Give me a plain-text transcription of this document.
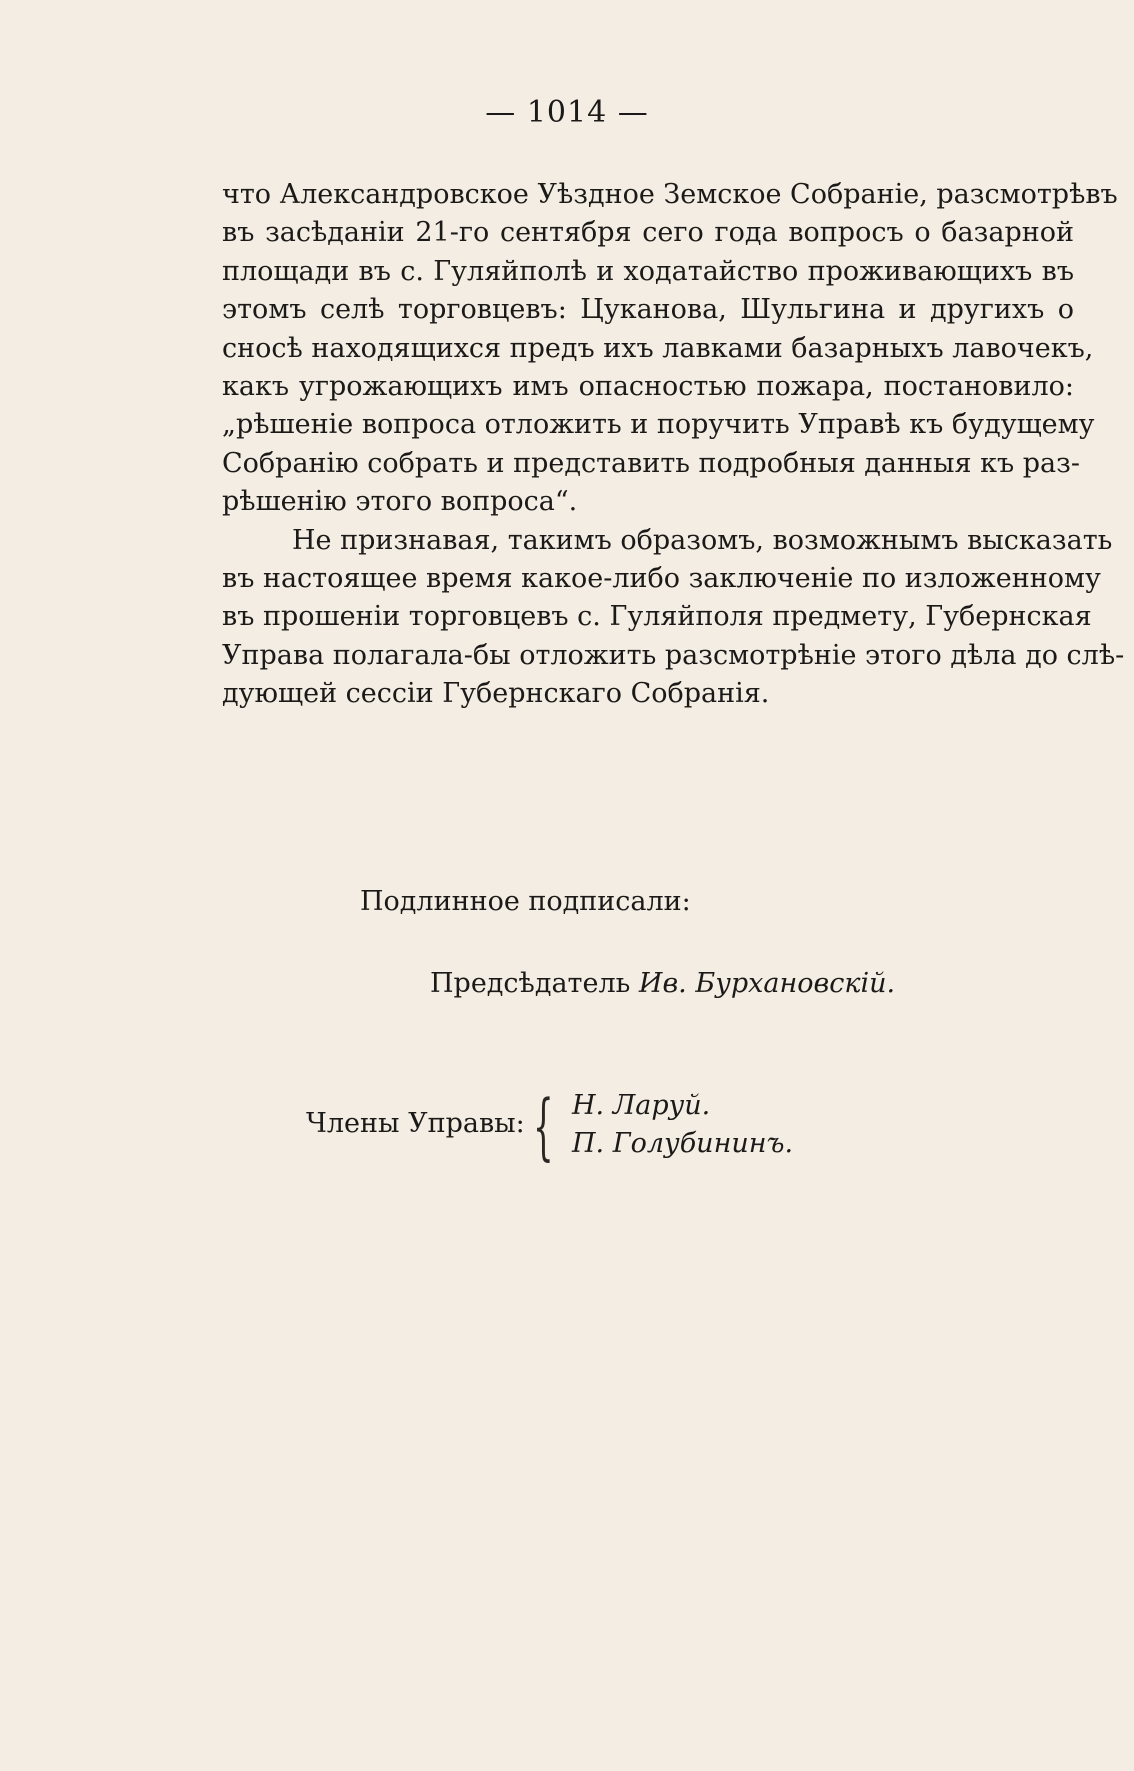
— 1014 —
что Александровское Уѣздное Земское Собраніе, разсмотрѣвъ
въ засѣданіи 21-го сентября сего года вопросъ о базарной
площади въ с. Гуляйполѣ и ходатайство проживающихъ въ
этомъ селѣ торговцевъ: Цуканова, Шульгина и другихъ о
сносѣ находящихся предъ ихъ лавками базарныхъ лавочекъ,
какъ угрожающихъ имъ опасностью пожара, постановило:
„рѣшеніе вопроса отложить и поручить Управѣ къ будущему
Собранію собрать и представить подробныя данныя къ раз-
рѣшенію этого вопроса“.
Не признавая, такимъ образомъ, возможнымъ высказать
въ настоящее время какое-либо заключеніе по изложенному
въ прошеніи торговцевъ с. Гуляйполя предмету, Губернская
Управа полагала-бы отложить разсмотрѣніе этого дѣла до слѣ-
дующей сессіи Губернскаго Собранія.
Подлинное подписали:
Предсѣдатель Ив. Бурхановскій.
Члены Управы: { Н. Ларуй.
П. Голубининъ.
